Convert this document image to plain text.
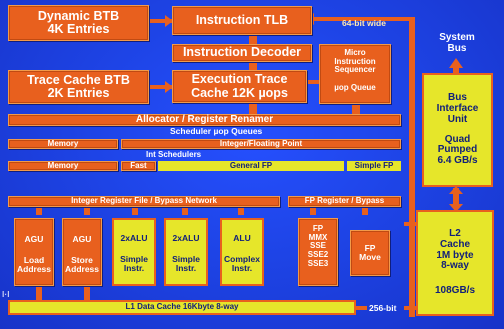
Dynamic BTB
4K Entries
Instruction TLB	64-bit wide
Instruction Decoder	Micro
Instruction
Sequencer
µop Queue
Trace Cache BTB
2K Entries
Execution Trace
Cache 12K µops
System
Bus
Bus
Interface
Unit
Quad
Pumped
6.4 GB/s
Allocator / Register Renamer
Scheduler µop Queues
Memory	Integer/Floating Point
Int Schedulers
Memory	Fast	General FP	Simple FP
Integer Register File / Bypass Network	FP Register / Bypass
AGU
Load
Address
AGU
Store
Address
2xALU
Simple
Instr.
2xALU
Simple
Instr.
ALU
Complex
Instr.
FP
MMX
SSE
SSE2
SSE3
FP
Move
L2
Cache
1M byte
8-way
108GB/s
L1 Data Cache 16Kbyte 8-way	256-bit
l·l
